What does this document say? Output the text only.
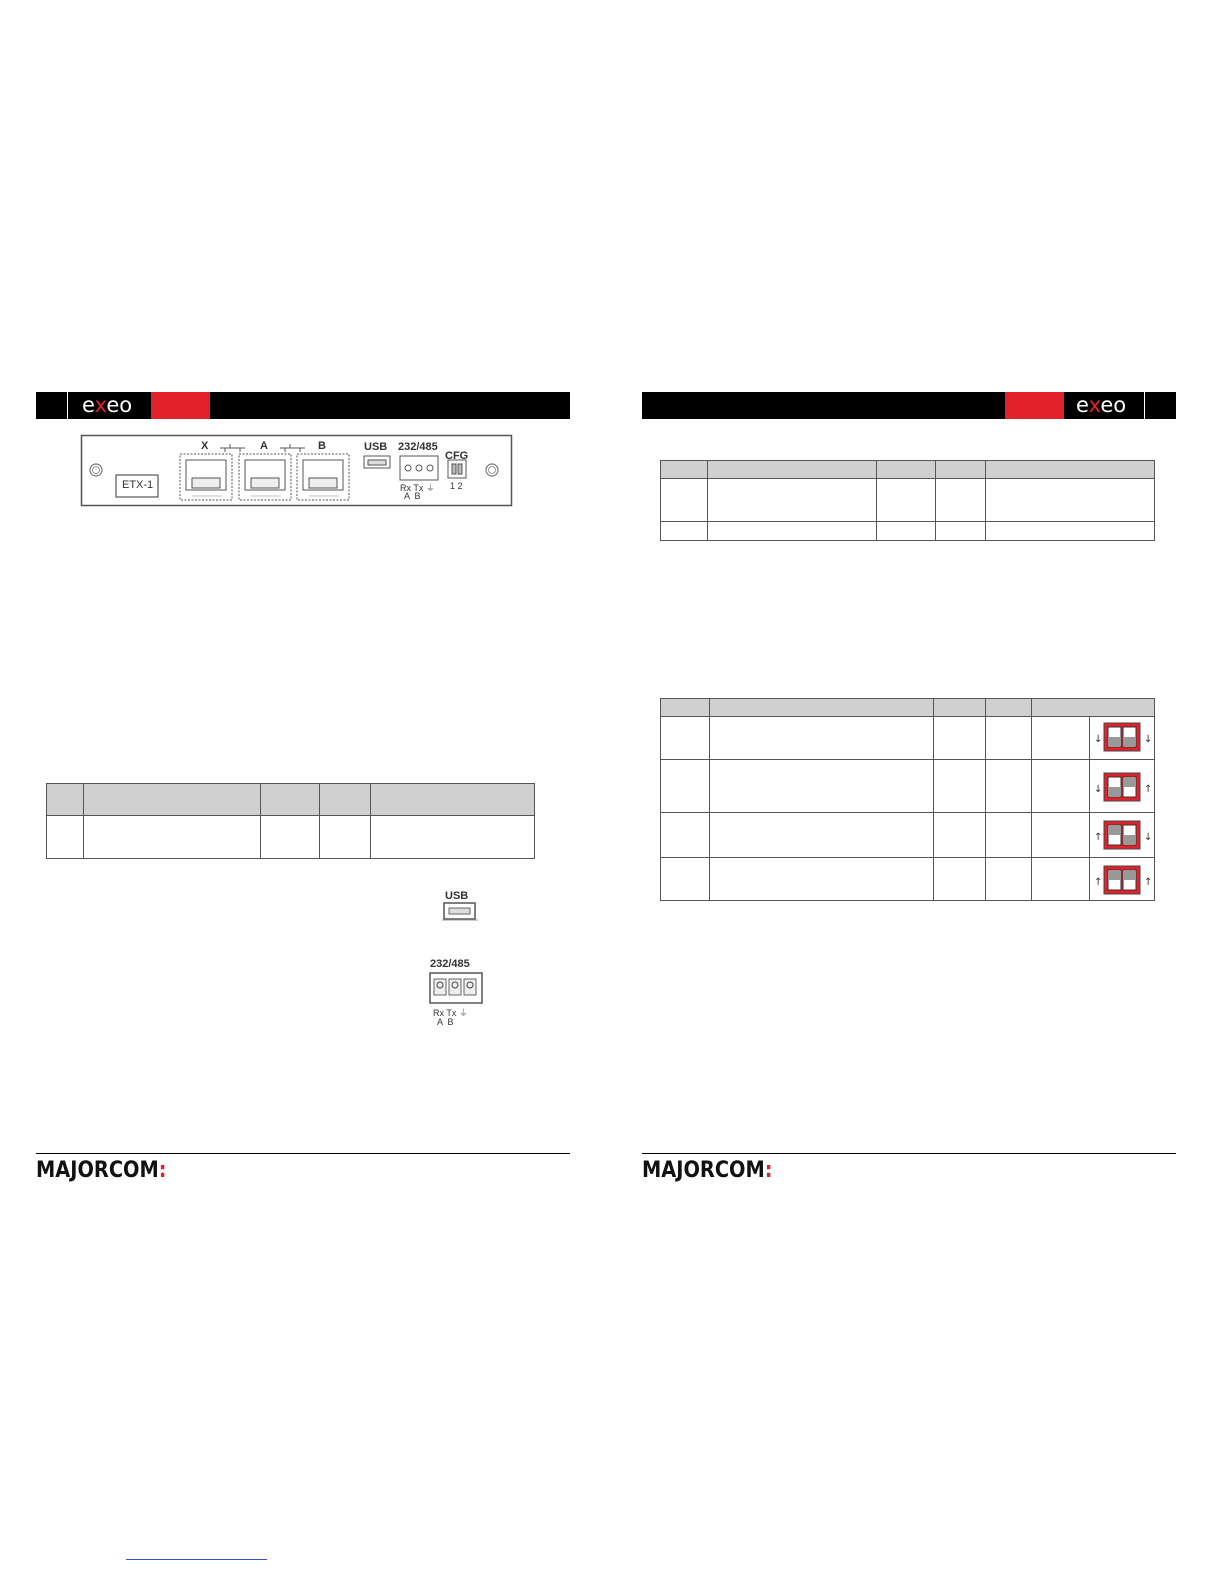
exeo
ETX-1
X	A	B	USB 232/485
CFG
Rx Tx ⏚
A  B
1 2

USB
232/485
Rx Tx ⏚
A  B
MAJORCOM:
exeo

↓	↓
↓	↑
↑	↓
↑	↑
MAJORCOM:
